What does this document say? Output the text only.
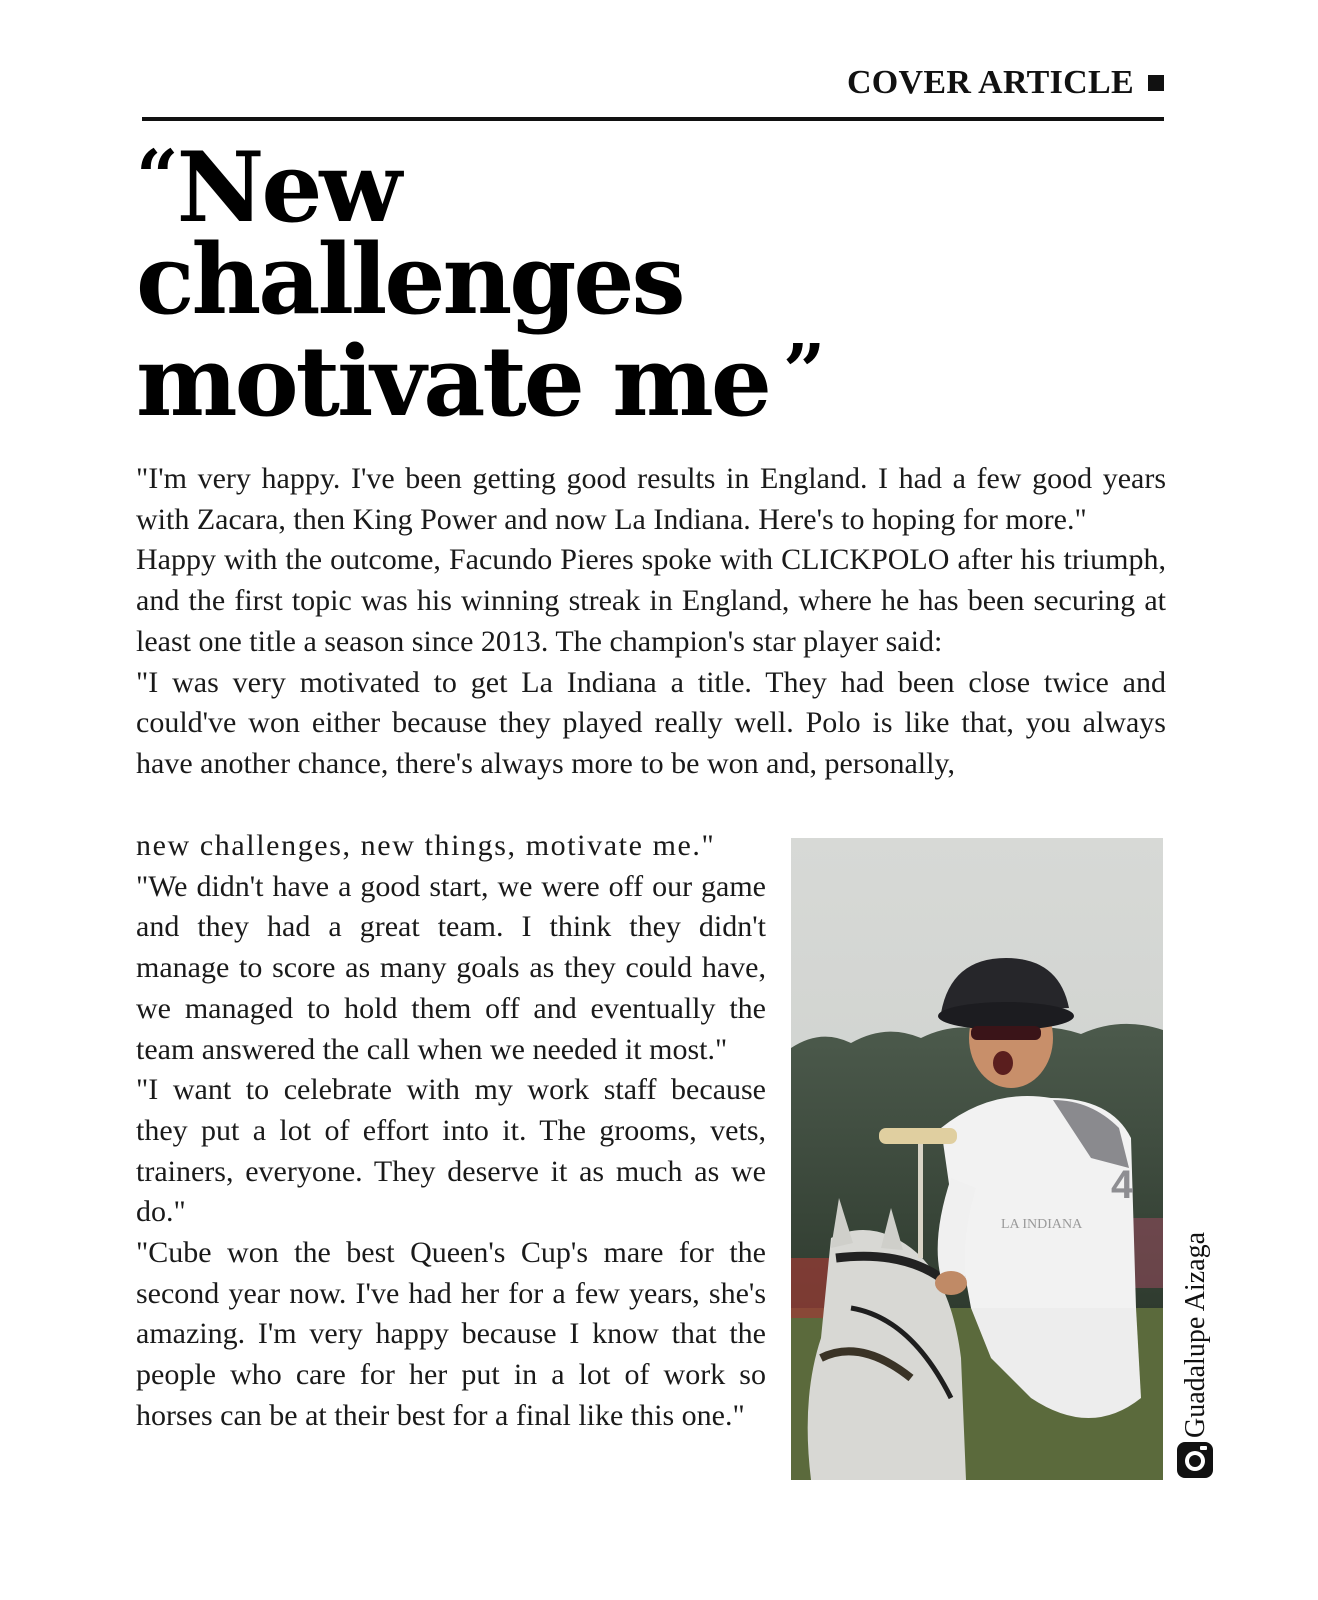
COVER ARTICLE
“New
challenges
motivate me ”

"I'm very happy. I've been getting good results in England. I had a few good years with Zacara, then King Power and now La Indiana. Here's to hoping for more."

Happy with the outcome, Facundo Pieres spoke with CLICKPOLO after his triumph, and the first topic was his winning streak in England, where he has been securing at least one title a season since 2013. The champion's star player said:

"I was very motivated to get La Indiana a title. They had been close twice and could've won either because they played really well. Polo is like that, you always have another chance, there's always more to be won and, personally,

new challenges, new things, motivate me."

"We didn't have a good start, we were off our game and they had a great team. I think they didn't manage to score as many goals as they could have, we managed to hold them off and eventually the team answered the call when we needed it most."

"I want to celebrate with my work staff because they put a lot of effort into it. The grooms, vets, trainers, everyone. They deserve it as much as we do."

"Cube won the best Queen's Cup's mare for the second year now. I've had her for a few years, she's amazing. I'm very happy because I know that the people who care for her put in a lot of work so horses can be at their best for a final like this one."

LA INDIANA
4
Guadalupe Aizaga
